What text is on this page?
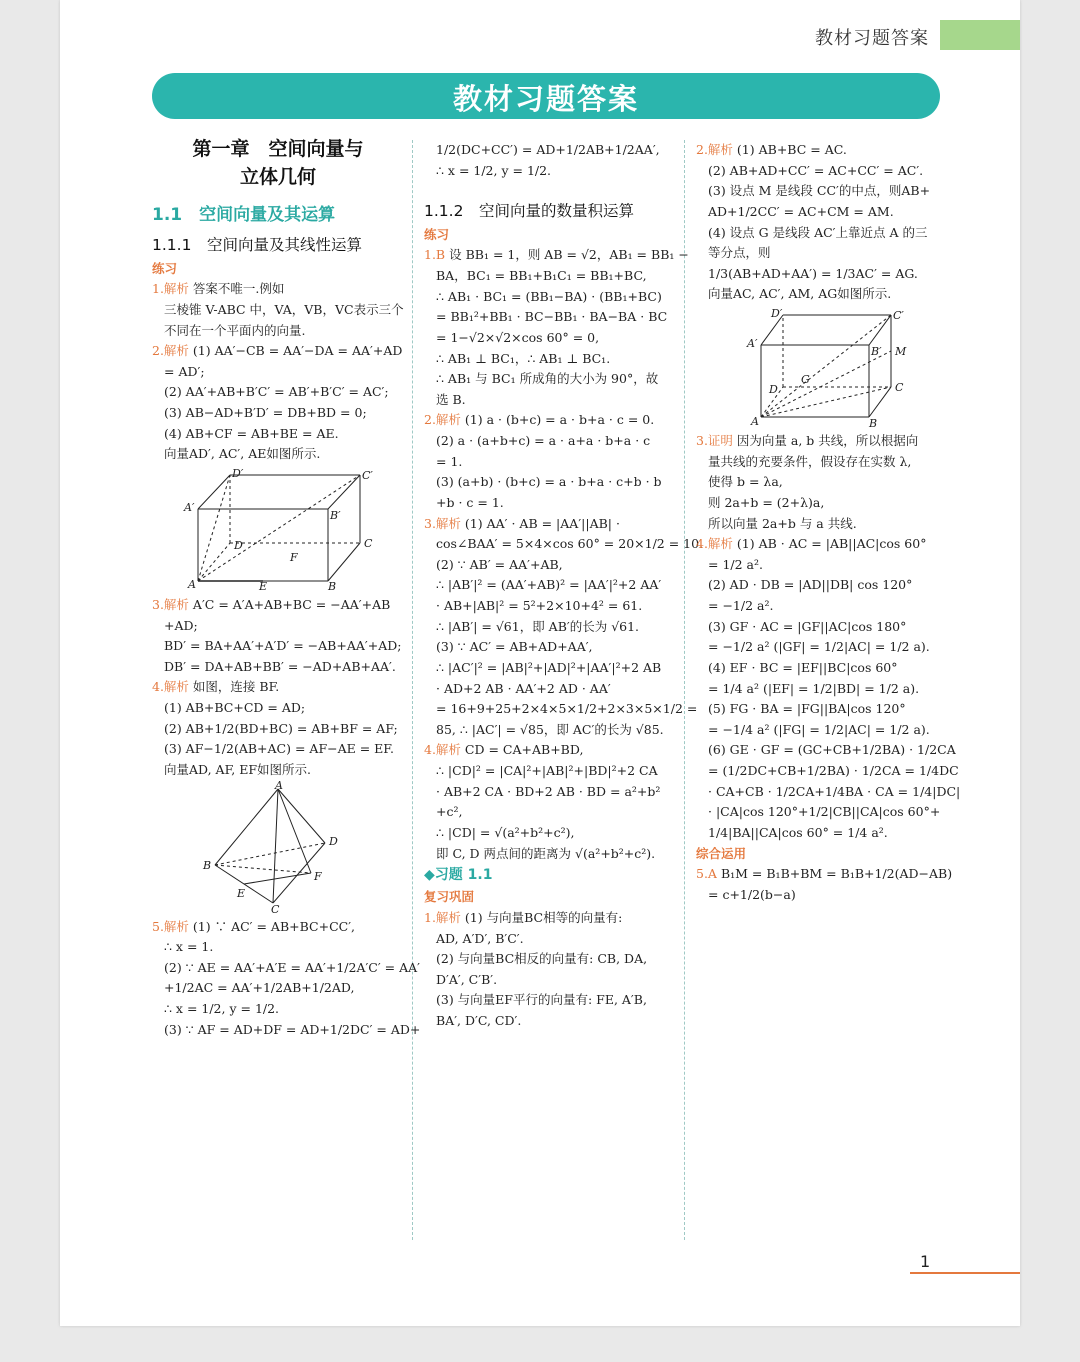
教材习题答案
教材习题答案
第一章　空间向量与
立体几何
1.1　空间向量及其运算
1.1.1　空间向量及其线性运算
练习
1.解析 答案不唯一.例如
三棱锥 V-ABC 中，VA，VB，VC表示三个
不同在一个平面内的向量.
2.解析 (1) AA′−CB = AA′−DA = AA′+AD
= AD′;
(2) AA′+AB+B′C′ = AB′+B′C′ = AC′;
(3) AB−AD+B′D′ = DB+BD = 0;
(4) AB+CF = AB+BE = AE.
向量AD′, AC′, AE如图所示.
A	B
C
D
E
F
A′
B′
C′
D′
3.解析 A′C = A′A+AB+BC = −AA′+AB
+AD;
BD′ = BA+AA′+A′D′ = −AB+AA′+AD;
DB′ = DA+AB+BB′ = −AD+AB+AA′.
4.解析 如图，连接 BF.
(1) AB+BC+CD = AD;
(2) AB+1/2(BD+BC) = AB+BF = AF;
(3) AF−1/2(AB+AC) = AF−AE = EF.
向量AD, AF, EF如图所示.
A
B
C
D
E
F
5.解析 (1) ∵ AC′ = AB+BC+CC′,
∴ x = 1.
(2) ∵ AE = AA′+A′E = AA′+1/2A′C′ = AA′
+1/2AC = AA′+1/2AB+1/2AD,
∴ x = 1/2, y = 1/2.
(3) ∵ AF = AD+DF = AD+1/2DC′ = AD+
1/2(DC+CC′) = AD+1/2AB+1/2AA′,
∴ x = 1/2, y = 1/2.
1.1.2　空间向量的数量积运算
练习
1.B 设 BB₁ = 1，则 AB = √2，AB₁ = BB₁ −
BA，BC₁ = BB₁+B₁C₁ = BB₁+BC,
∴ AB₁ · BC₁ = (BB₁−BA) · (BB₁+BC)
= BB₁²+BB₁ · BC−BB₁ · BA−BA · BC
= 1−√2×√2×cos 60° = 0,
∴ AB₁ ⊥ BC₁，∴ AB₁ ⊥ BC₁.
∴ AB₁ 与 BC₁ 所成角的大小为 90°，故
选 B.
2.解析 (1) a · (b+c) = a · b+a · c = 0.
(2) a · (a+b+c) = a · a+a · b+a · c
= 1.
(3) (a+b) · (b+c) = a · b+a · c+b · b
+b · c = 1.
3.解析 (1) AA′ · AB = |AA′||AB| ·
cos∠BAA′ = 5×4×cos 60° = 20×1/2 = 10.
(2) ∵ AB′ = AA′+AB,
∴ |AB′|² = (AA′+AB)² = |AA′|²+2 AA′
· AB+|AB|² = 5²+2×10+4² = 61.
∴ |AB′| = √61，即 AB′的长为 √61.
(3) ∵ AC′ = AB+AD+AA′,
∴ |AC′|² = |AB|²+|AD|²+|AA′|²+2 AB
· AD+2 AB · AA′+2 AD · AA′
= 16+9+25+2×4×5×1/2+2×3×5×1/2 =
85, ∴ |AC′| = √85，即 AC′的长为 √85.
4.解析 CD = CA+AB+BD,
∴ |CD|² = |CA|²+|AB|²+|BD|²+2 CA
· AB+2 CA · BD+2 AB · BD = a²+b²
+c²,
∴ |CD| = √(a²+b²+c²),
即 C, D 两点间的距离为 √(a²+b²+c²).
◆习题 1.1
复习巩固
1.解析 (1) 与向量BC相等的向量有:
AD, A′D′, B′C′.
(2) 与向量BC相反的向量有: CB, DA,
D′A′, C′B′.
(3) 与向量EF平行的向量有: FE, A′B,
BA′, D′C, CD′.
2.解析 (1) AB+BC = AC.
(2) AB+AD+CC′ = AC+CC′ = AC′.
(3) 设点 M 是线段 CC′的中点，则AB+
AD+1/2CC′ = AC+CM = AM.
(4) 设点 G 是线段 AC′上靠近点 A 的三
等分点，则
1/3(AB+AD+AA′) = 1/3AC′ = AG.
向量AC, AC′, AM, AG如图所示.
A	B
C
D
G
M
A′
B′
C′
D′
3.证明 因为向量 a, b 共线，所以根据向
量共线的充要条件，假设存在实数 λ,
使得 b = λa,
则 2a+b = (2+λ)a,
所以向量 2a+b 与 a 共线.
4.解析 (1) AB · AC = |AB||AC|cos 60°
= 1/2 a².
(2) AD · DB = |AD||DB| cos 120°
= −1/2 a².
(3) GF · AC = |GF||AC|cos 180°
= −1/2 a² (|GF| = 1/2|AC| = 1/2 a).
(4) EF · BC = |EF||BC|cos 60°
= 1/4 a² (|EF| = 1/2|BD| = 1/2 a).
(5) FG · BA = |FG||BA|cos 120°
= −1/4 a² (|FG| = 1/2|AC| = 1/2 a).
(6) GE · GF = (GC+CB+1/2BA) · 1/2CA
= (1/2DC+CB+1/2BA) · 1/2CA = 1/4DC
· CA+CB · 1/2CA+1/4BA · CA = 1/4|DC|
· |CA|cos 120°+1/2|CB||CA|cos 60°+
1/4|BA||CA|cos 60° = 1/4 a².
综合运用
5.A B₁M = B₁B+BM = B₁B+1/2(AD−AB)
= c+1/2(b−a)
1
